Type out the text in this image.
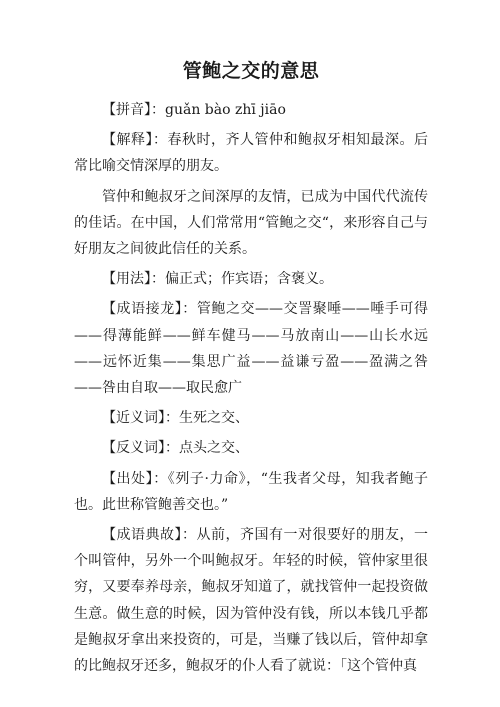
管鲍之交的意思

【拼音】：guǎn bào zhī jiāo

【解释】：春秋时，齐人管仲和鲍叔牙相知最深。后常比喻交情深厚的朋友。

管仲和鲍叔牙之间深厚的友情，已成为中国代代流传的佳话。在中国，人们常常用“管鲍之交“，来形容自己与好朋友之间彼此信任的关系。

【用法】：偏正式；作宾语；含褒义。

【成语接龙】：管鲍之交——交詈聚唾——唾手可得——得薄能鲜——鲜车健马——马放南山——山长水远——远怀近集——集思广益——益谦亏盈——盈满之咎——咎由自取——取民愈广

【近义词】：生死之交、

【反义词】：点头之交、

【出处】：《列子·力命》，“生我者父母，知我者鲍子也。此世称管鲍善交也。”

【成语典故】：从前，齐国有一对很要好的朋友，一个叫管仲，另外一个叫鲍叔牙。年轻的时候，管仲家里很穷，又要奉养母亲，鲍叔牙知道了，就找管仲一起投资做生意。做生意的时候，因为管仲没有钱，所以本钱几乎都是鲍叔牙拿出来投资的，可是，当赚了钱以后，管仲却拿的比鲍叔牙还多，鲍叔牙的仆人看了就说：「这个管仲真
